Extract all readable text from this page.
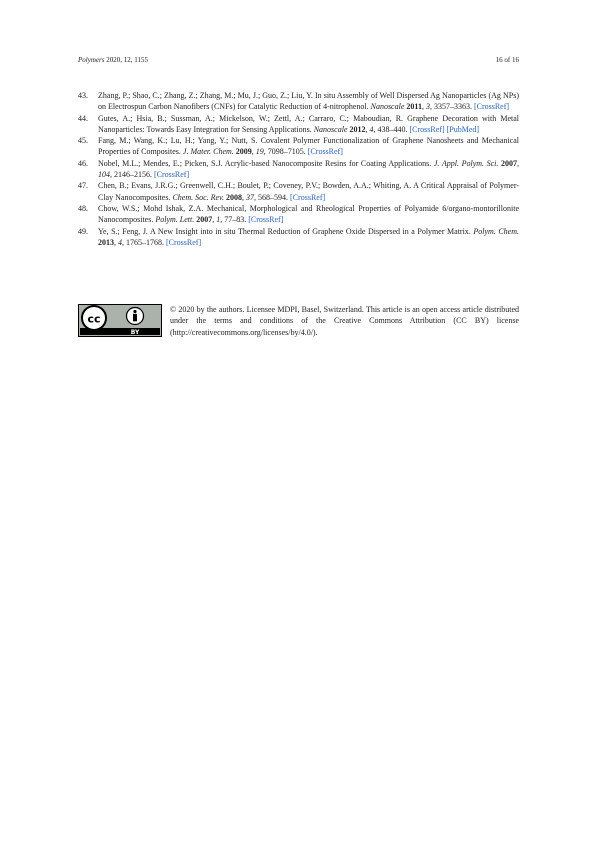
Polymers 2020, 12, 1155	16 of 16
43.	Zhang, P.; Shao, C.; Zhang, Z.; Zhang, M.; Mu, J.; Guo, Z.; Liu, Y. In situ Assembly of Well Dispersed Ag Nanoparticles (Ag NPs) on Electrospun Carbon Nanofibers (CNFs) for Catalytic Reduction of 4-nitrophenol. Nanoscale 2011, 3, 3357–3363. [CrossRef]
44.	Gutes, A.; Hsia, B.; Sussman, A.; Mickelson, W.; Zettl, A.; Carraro, C.; Maboudian, R. Graphene Decoration with Metal Nanoparticles: Towards Easy Integration for Sensing Applications. Nanoscale 2012, 4, 438–440. [CrossRef] [PubMed]
45.	Fang, M.; Wang, K.; Lu, H.; Yang, Y.; Nutt, S. Covalent Polymer Functionalization of Graphene Nanosheets and Mechanical Properties of Composites. J. Mater. Chem. 2009, 19, 7098–7105. [CrossRef]
46.	Nobel, M.L.; Mendes, E.; Picken, S.J. Acrylic-based Nanocomposite Resins for Coating Applications. J. Appl. Polym. Sci. 2007, 104, 2146–2156. [CrossRef]
47.	Chen, B.; Evans, J.R.G.; Greenwell, C.H.; Boulet, P.; Coveney, P.V.; Bowden, A.A.; Whiting, A. A Critical Appraisal of Polymer-Clay Nanocomposites. Chem. Soc. Rev. 2008, 37, 568–594. [CrossRef]
48.	Chow, W.S.; Mohd Ishak, Z.A. Mechanical, Morphological and Rheological Properties of Polyamide 6/organo-montorillonite Nanocomposites. Polym. Lett. 2007, 1, 77–83. [CrossRef]
49.	Ye, S.; Feng, J. A New Insight into in situ Thermal Reduction of Graphene Oxide Dispersed in a Polymer Matrix. Polym. Chem. 2013, 4, 1765–1768. [CrossRef]
cc
BY
© 2020 by the authors. Licensee MDPI, Basel, Switzerland. This article is an open access article distributed under the terms and conditions of the Creative Commons Attribution (CC BY) license (http://creativecommons.org/licenses/by/4.0/).
